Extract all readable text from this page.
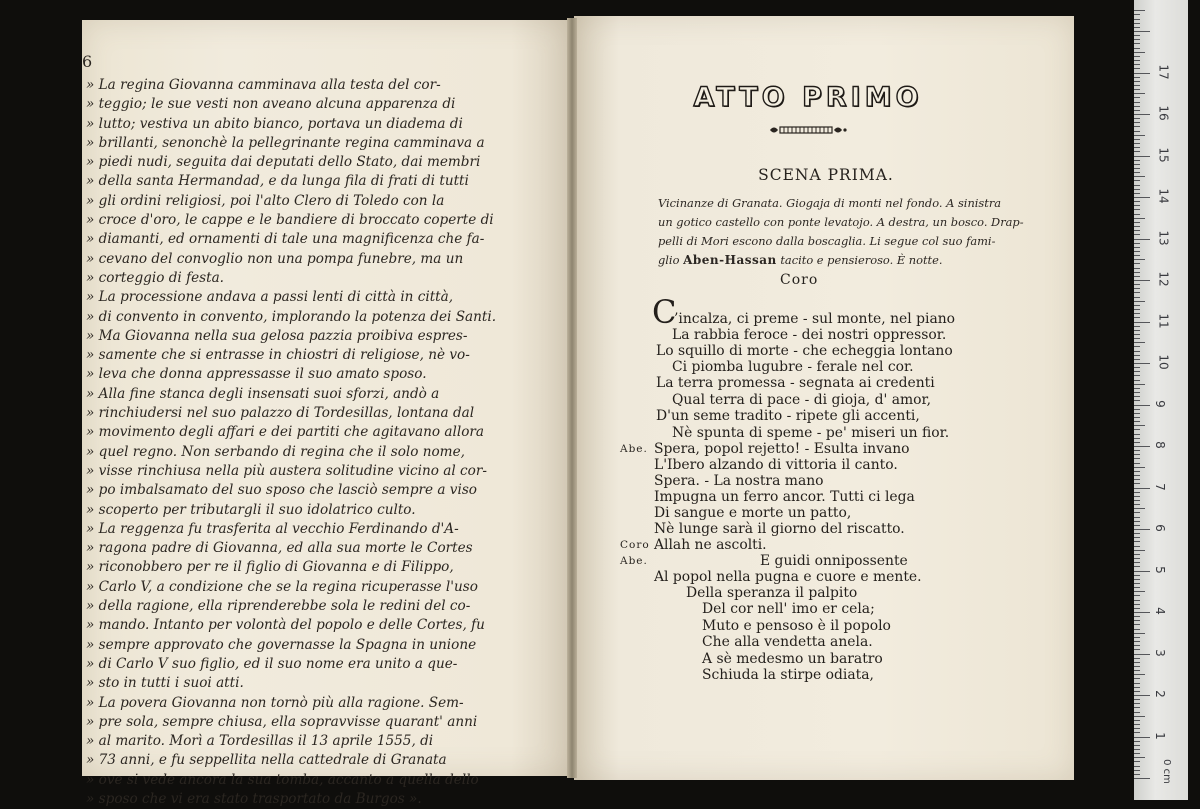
6
» La regina Giovanna camminava alla testa del cor-
» teggio; le sue vesti non aveano alcuna apparenza di
» lutto; vestiva un abito bianco, portava un diadema di
» brillanti, senonchè la pellegrinante regina camminava a
» piedi nudi, seguita dai deputati dello Stato, dai membri
» della santa Hermandad, e da lunga fila di frati di tutti
» gli ordini religiosi, poi l'alto Clero di Toledo con la
» croce d'oro, le cappe e le bandiere di broccato coperte di
» diamanti, ed ornamenti di tale una magnificenza che fa-
» cevano del convoglio non una pompa funebre, ma un
» corteggio di festa.
» La processione andava a passi lenti di città in città,
» di convento in convento, implorando la potenza dei Santi.
» Ma Giovanna nella sua gelosa pazzia proibiva espres-
» samente che si entrasse in chiostri di religiose, nè vo-
» leva che donna appressasse il suo amato sposo.
» Alla fine stanca degli insensati suoi sforzi, andò a
» rinchiudersi nel suo palazzo di Tordesillas, lontana dal
» movimento degli affari e dei partiti che agitavano allora
» quel regno. Non serbando di regina che il solo nome,
» visse rinchiusa nella più austera solitudine vicino al cor-
» po imbalsamato del suo sposo che lasciò sempre a viso
» scoperto per tributargli il suo idolatrico culto.
» La reggenza fu trasferita al vecchio Ferdinando d'A-
» ragona padre di Giovanna, ed alla sua morte le Cortes
» riconobbero per re il figlio di Giovanna e di Filippo,
» Carlo V, a condizione che se la regina ricuperasse l'uso
» della ragione, ella riprenderebbe sola le redini del co-
» mando. Intanto per volontà del popolo e delle Cortes, fu
» sempre approvato che governasse la Spagna in unione
» di Carlo V suo figlio, ed il suo nome era unito a que-
» sto in tutti i suoi atti.
» La povera Giovanna non tornò più alla ragione. Sem-
» pre sola, sempre chiusa, ella sopravvisse quarant' anni
» al marito. Morì a Tordesillas il 13 aprile 1555, di
» 73 anni, e fu seppellita nella cattedrale di Granata
» ove si vede ancora la sua tomba, accanto a quella dello
» sposo che vi era stato trasportato da Burgos ».
ATTO PRIMO
SCENA PRIMA.
Vicinanze di Granata. Giogaja di monti nel fondo. A sinistra
un gotico castello con ponte levatojo. A destra, un bosco. Drap-
pelli di Mori escono dalla boscaglia. Li segue col suo fami-
glio Aben-Hassan tacito e pensieroso. È notte.
Coro
C
’incalza, ci preme - sul monte, nel piano
La rabbia feroce - dei nostri oppressor.
Lo squillo di morte - che echeggia lontano
Ci piomba lugubre - ferale nel cor.
La terra promessa - segnata ai credenti
Qual terra di pace - di gioja, d' amor,
D'un seme tradito - ripete gli accenti,
Nè spunta di speme - pe' miseri un fior.
Abe. Spera, popol rejetto! - Esulta invano
L'Ibero alzando di vittoria il canto.
Spera. - La nostra mano
Impugna un ferro ancor. Tutti ci lega
Di sangue e morte un patto,
Nè lunge sarà il giorno del riscatto.
Coro Allah ne ascolti.
Abe.	E guidi onnipossente
Al popol nella pugna e cuore e mente.
Della speranza il palpito
Del cor nell' imo er cela;
Muto e pensoso è il popolo
Che alla vendetta anela.
A sè medesmo un baratro
Schiuda la stirpe odiata,
0 cm
17
16
15
14
13
12
11
10
9
8
7
6
5
4
3
2
1
